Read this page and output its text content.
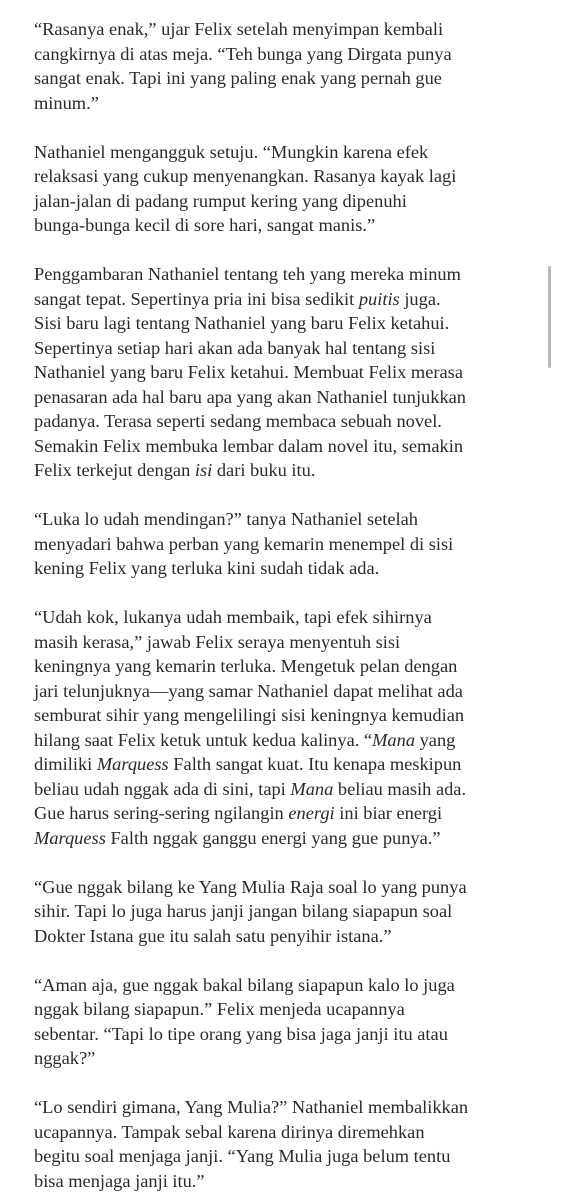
“Rasanya enak,” ujar Felix setelah menyimpan kembali
cangkirnya di atas meja. “Teh bunga yang Dirgata punya
sangat enak. Tapi ini yang paling enak yang pernah gue
minum.”

Nathaniel mengangguk setuju. “Mungkin karena efek
relaksasi yang cukup menyenangkan. Rasanya kayak lagi
jalan-jalan di padang rumput kering yang dipenuhi
bunga-bunga kecil di sore hari, sangat manis.”

Penggambaran Nathaniel tentang teh yang mereka minum
sangat tepat. Sepertinya pria ini bisa sedikit puitis juga.
Sisi baru lagi tentang Nathaniel yang baru Felix ketahui.
Sepertinya setiap hari akan ada banyak hal tentang sisi
Nathaniel yang baru Felix ketahui. Membuat Felix merasa
penasaran ada hal baru apa yang akan Nathaniel tunjukkan
padanya. Terasa seperti sedang membaca sebuah novel.
Semakin Felix membuka lembar dalam novel itu, semakin
Felix terkejut dengan isi dari buku itu.

“Luka lo udah mendingan?” tanya Nathaniel setelah
menyadari bahwa perban yang kemarin menempel di sisi
kening Felix yang terluka kini sudah tidak ada.

“Udah kok, lukanya udah membaik, tapi efek sihirnya
masih kerasa,” jawab Felix seraya menyentuh sisi
keningnya yang kemarin terluka. Mengetuk pelan dengan
jari telunjuknya—yang samar Nathaniel dapat melihat ada
semburat sihir yang mengelilingi sisi keningnya kemudian
hilang saat Felix ketuk untuk kedua kalinya. “Mana yang
dimiliki Marquess Falth sangat kuat. Itu kenapa meskipun
beliau udah nggak ada di sini, tapi Mana beliau masih ada.
Gue harus sering-sering ngilangin energi ini biar energi
Marquess Falth nggak ganggu energi yang gue punya.”

“Gue nggak bilang ke Yang Mulia Raja soal lo yang punya
sihir. Tapi lo juga harus janji jangan bilang siapapun soal
Dokter Istana gue itu salah satu penyihir istana.”

“Aman aja, gue nggak bakal bilang siapapun kalo lo juga
nggak bilang siapapun.” Felix menjeda ucapannya
sebentar. “Tapi lo tipe orang yang bisa jaga janji itu atau
nggak?”

“Lo sendiri gimana, Yang Mulia?” Nathaniel membalikkan
ucapannya. Tampak sebal karena dirinya diremehkan
begitu soal menjaga janji. “Yang Mulia juga belum tentu
bisa menjaga janji itu.”
